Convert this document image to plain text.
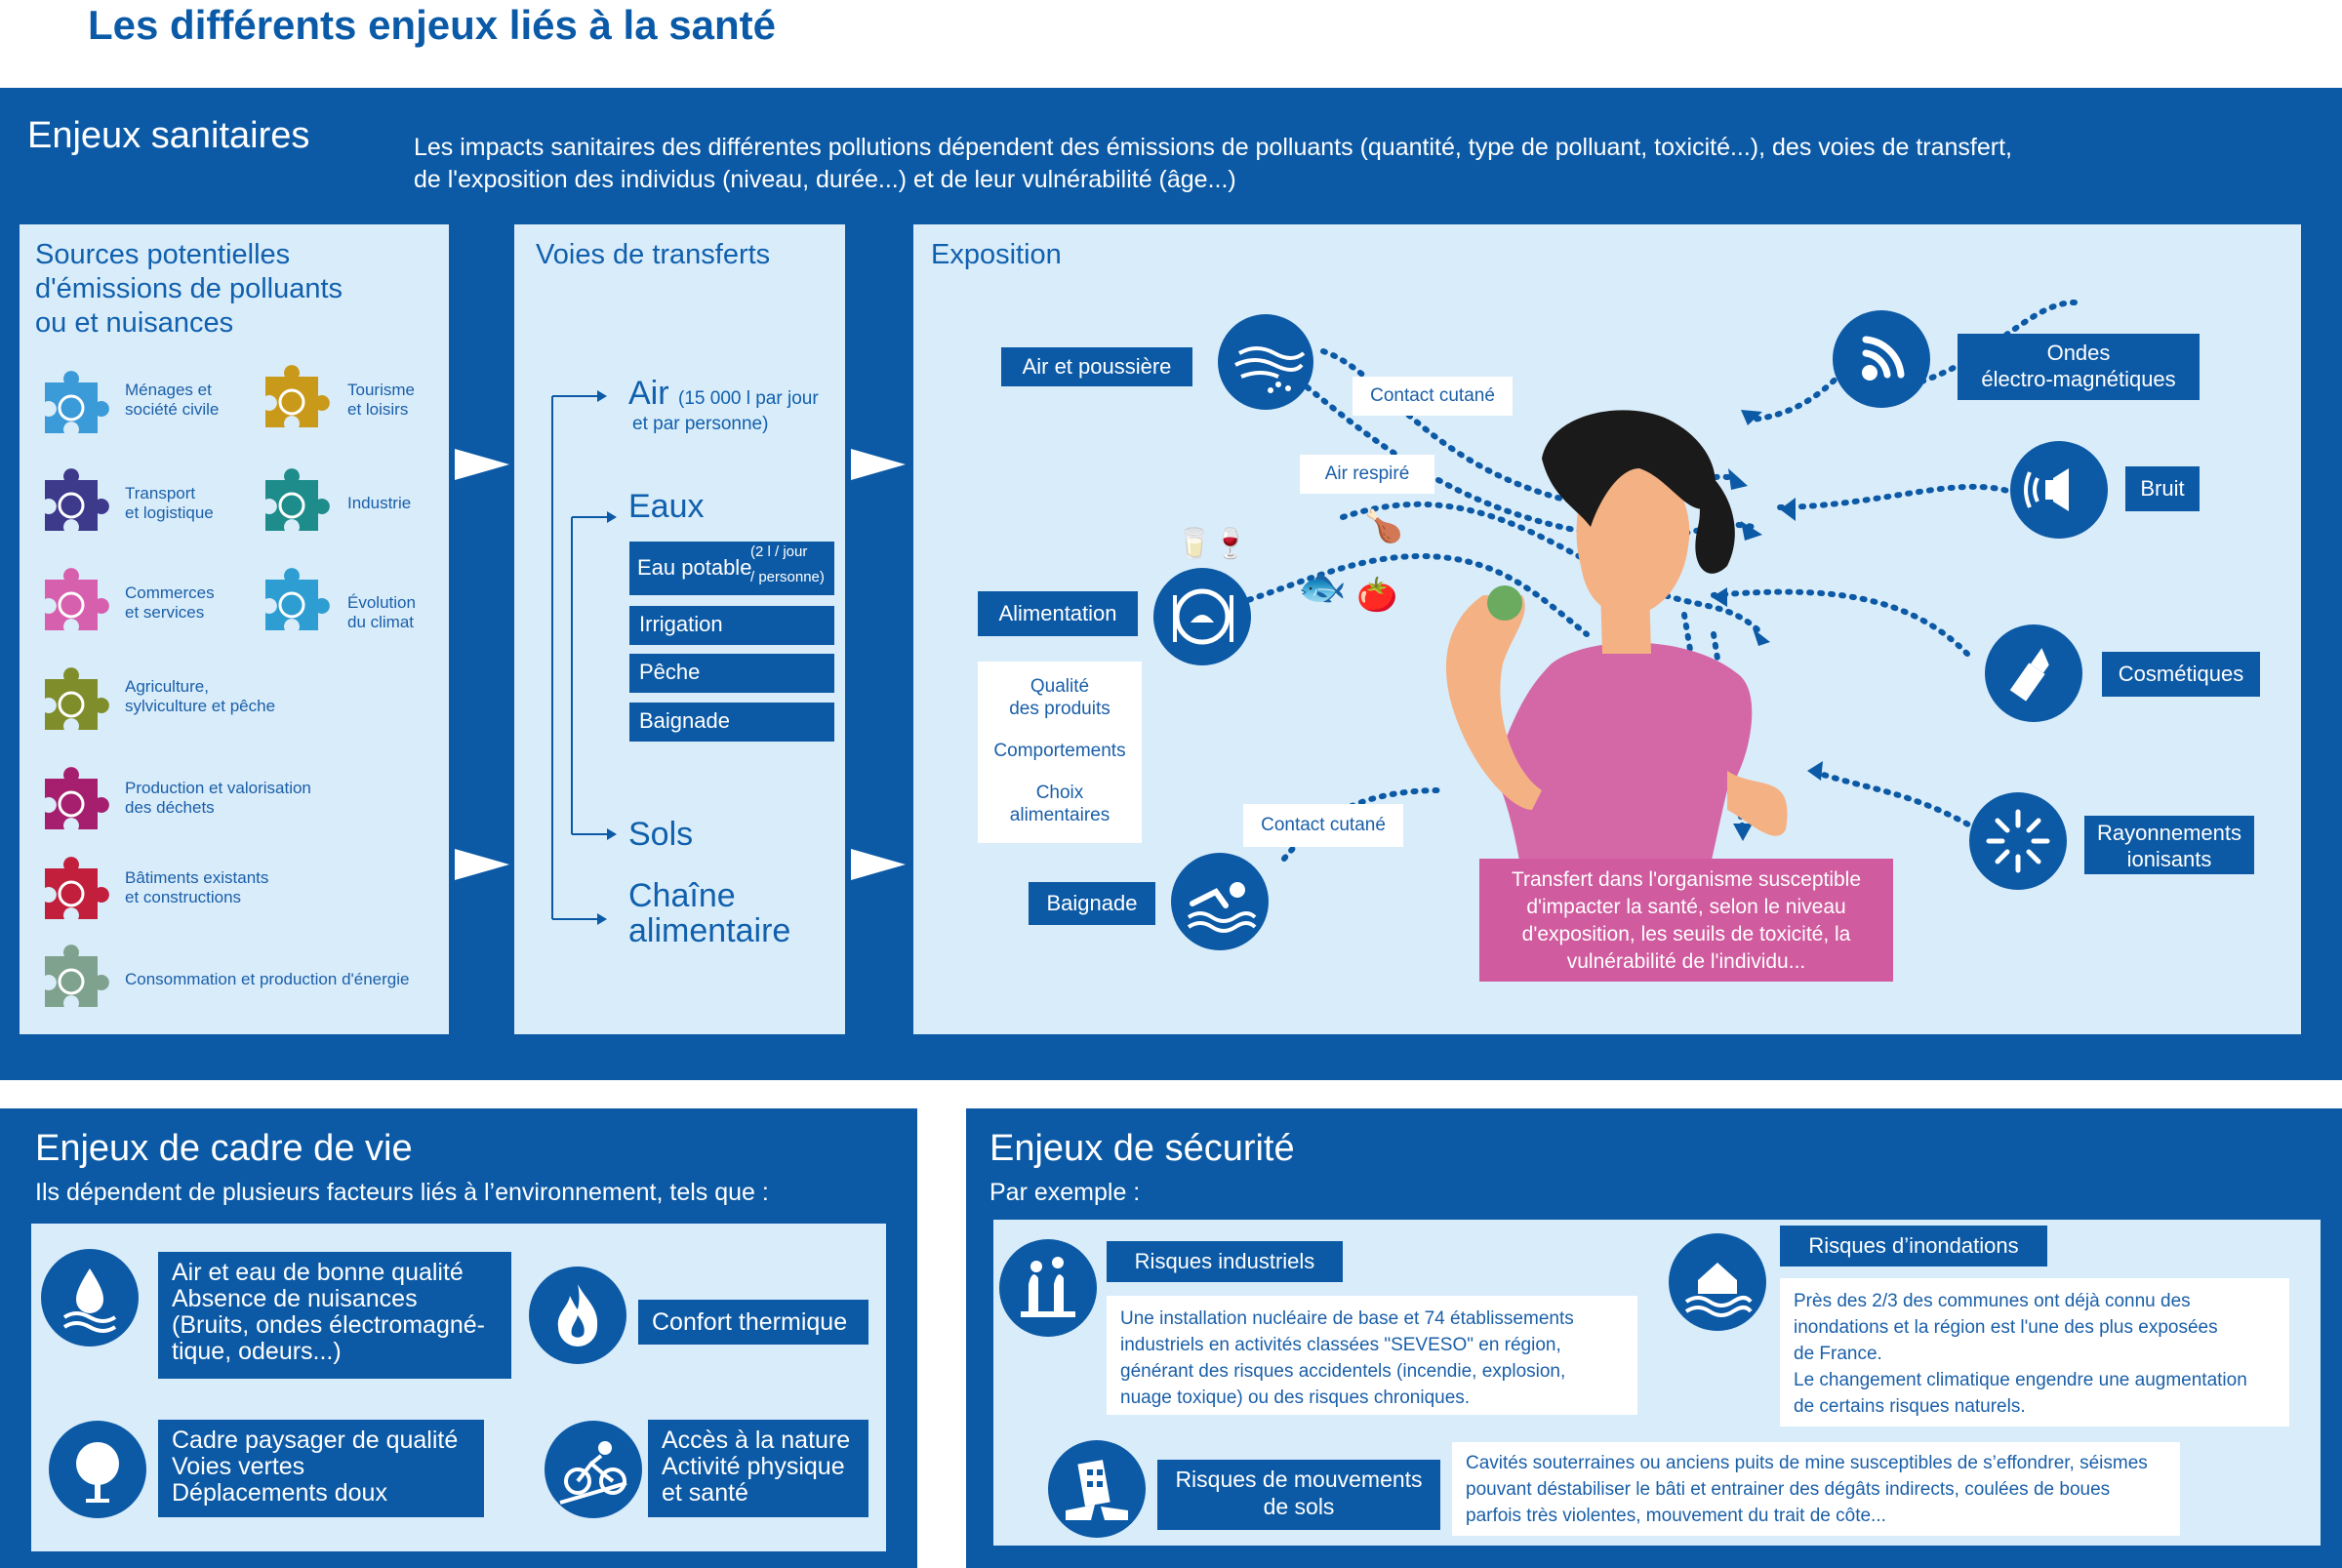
Les différents enjeux liés à la santé
Enjeux sanitaires	Les impacts sanitaires des différentes pollutions dépendent des émissions de polluants (quantité, type de polluant, toxicité...), des voies de transfert,
de l'exposition des individus (niveau, durée...) et de leur vulnérabilité (âge...)
Sources potentielles
d'émissions de polluants
ou et nuisances
Ménages et
société civile
Tourisme
et loisirs
Transport
et logistique
Industrie
Commerces
et services
Évolution
du climat
Agriculture,
sylviculture et pêche
Production et valorisation
des déchets
Bâtiments existants
et constructions
Consommation et production d'énergie
Voies de transferts
Air (15 000 l par jour
et par personne)
Eaux
Eau potable
(2 l / jour
/ personne)
Irrigation
Pêche
Baignade
Sols
Chaîne
alimentaire
Exposition
🥛🍷
🐟 🍅
🍗
Air et poussière
Contact cutané
Air respiré
Ondes
électro-magnétiques
Bruit
Alimentation
Qualité
des produits
Comportements
Choix
alimentaires
Cosmétiques
Contact cutané
Baignade
Rayonnements
ionisants
Transfert dans l'organisme susceptible
d'impacter la santé, selon le niveau
d'exposition, les seuils de toxicité, la
vulnérabilité de l'individu...
Enjeux de cadre de vie
Ils dépendent de plusieurs facteurs liés à l’environnement, tels que :
Air et eau de bonne qualité
Absence de nuisances
(Bruits, ondes électromagné-
tique, odeurs...)
Confort thermique
Cadre paysager de qualité
Voies vertes
Déplacements doux
Accès à la nature
Activité physique
et santé
Enjeux de sécurité
Par exemple :
Risques industriels
Une installation nucléaire de base et 74 établissements
industriels en activités classées "SEVESO" en région,
générant des risques accidentels (incendie, explosion,
nuage toxique) ou des risques chroniques.
Risques d’inondations
Près des 2/3 des communes ont déjà connu des
inondations et la région est l'une des plus exposées
de France.
Le changement climatique engendre une augmentation
de certains risques naturels.
Risques de mouvements
de sols
Cavités souterraines ou anciens puits de mine susceptibles de s’effondrer, séismes
pouvant déstabiliser le bâti et entrainer des dégâts indirects, coulées de boues
parfois très violentes, mouvement du trait de côte...
